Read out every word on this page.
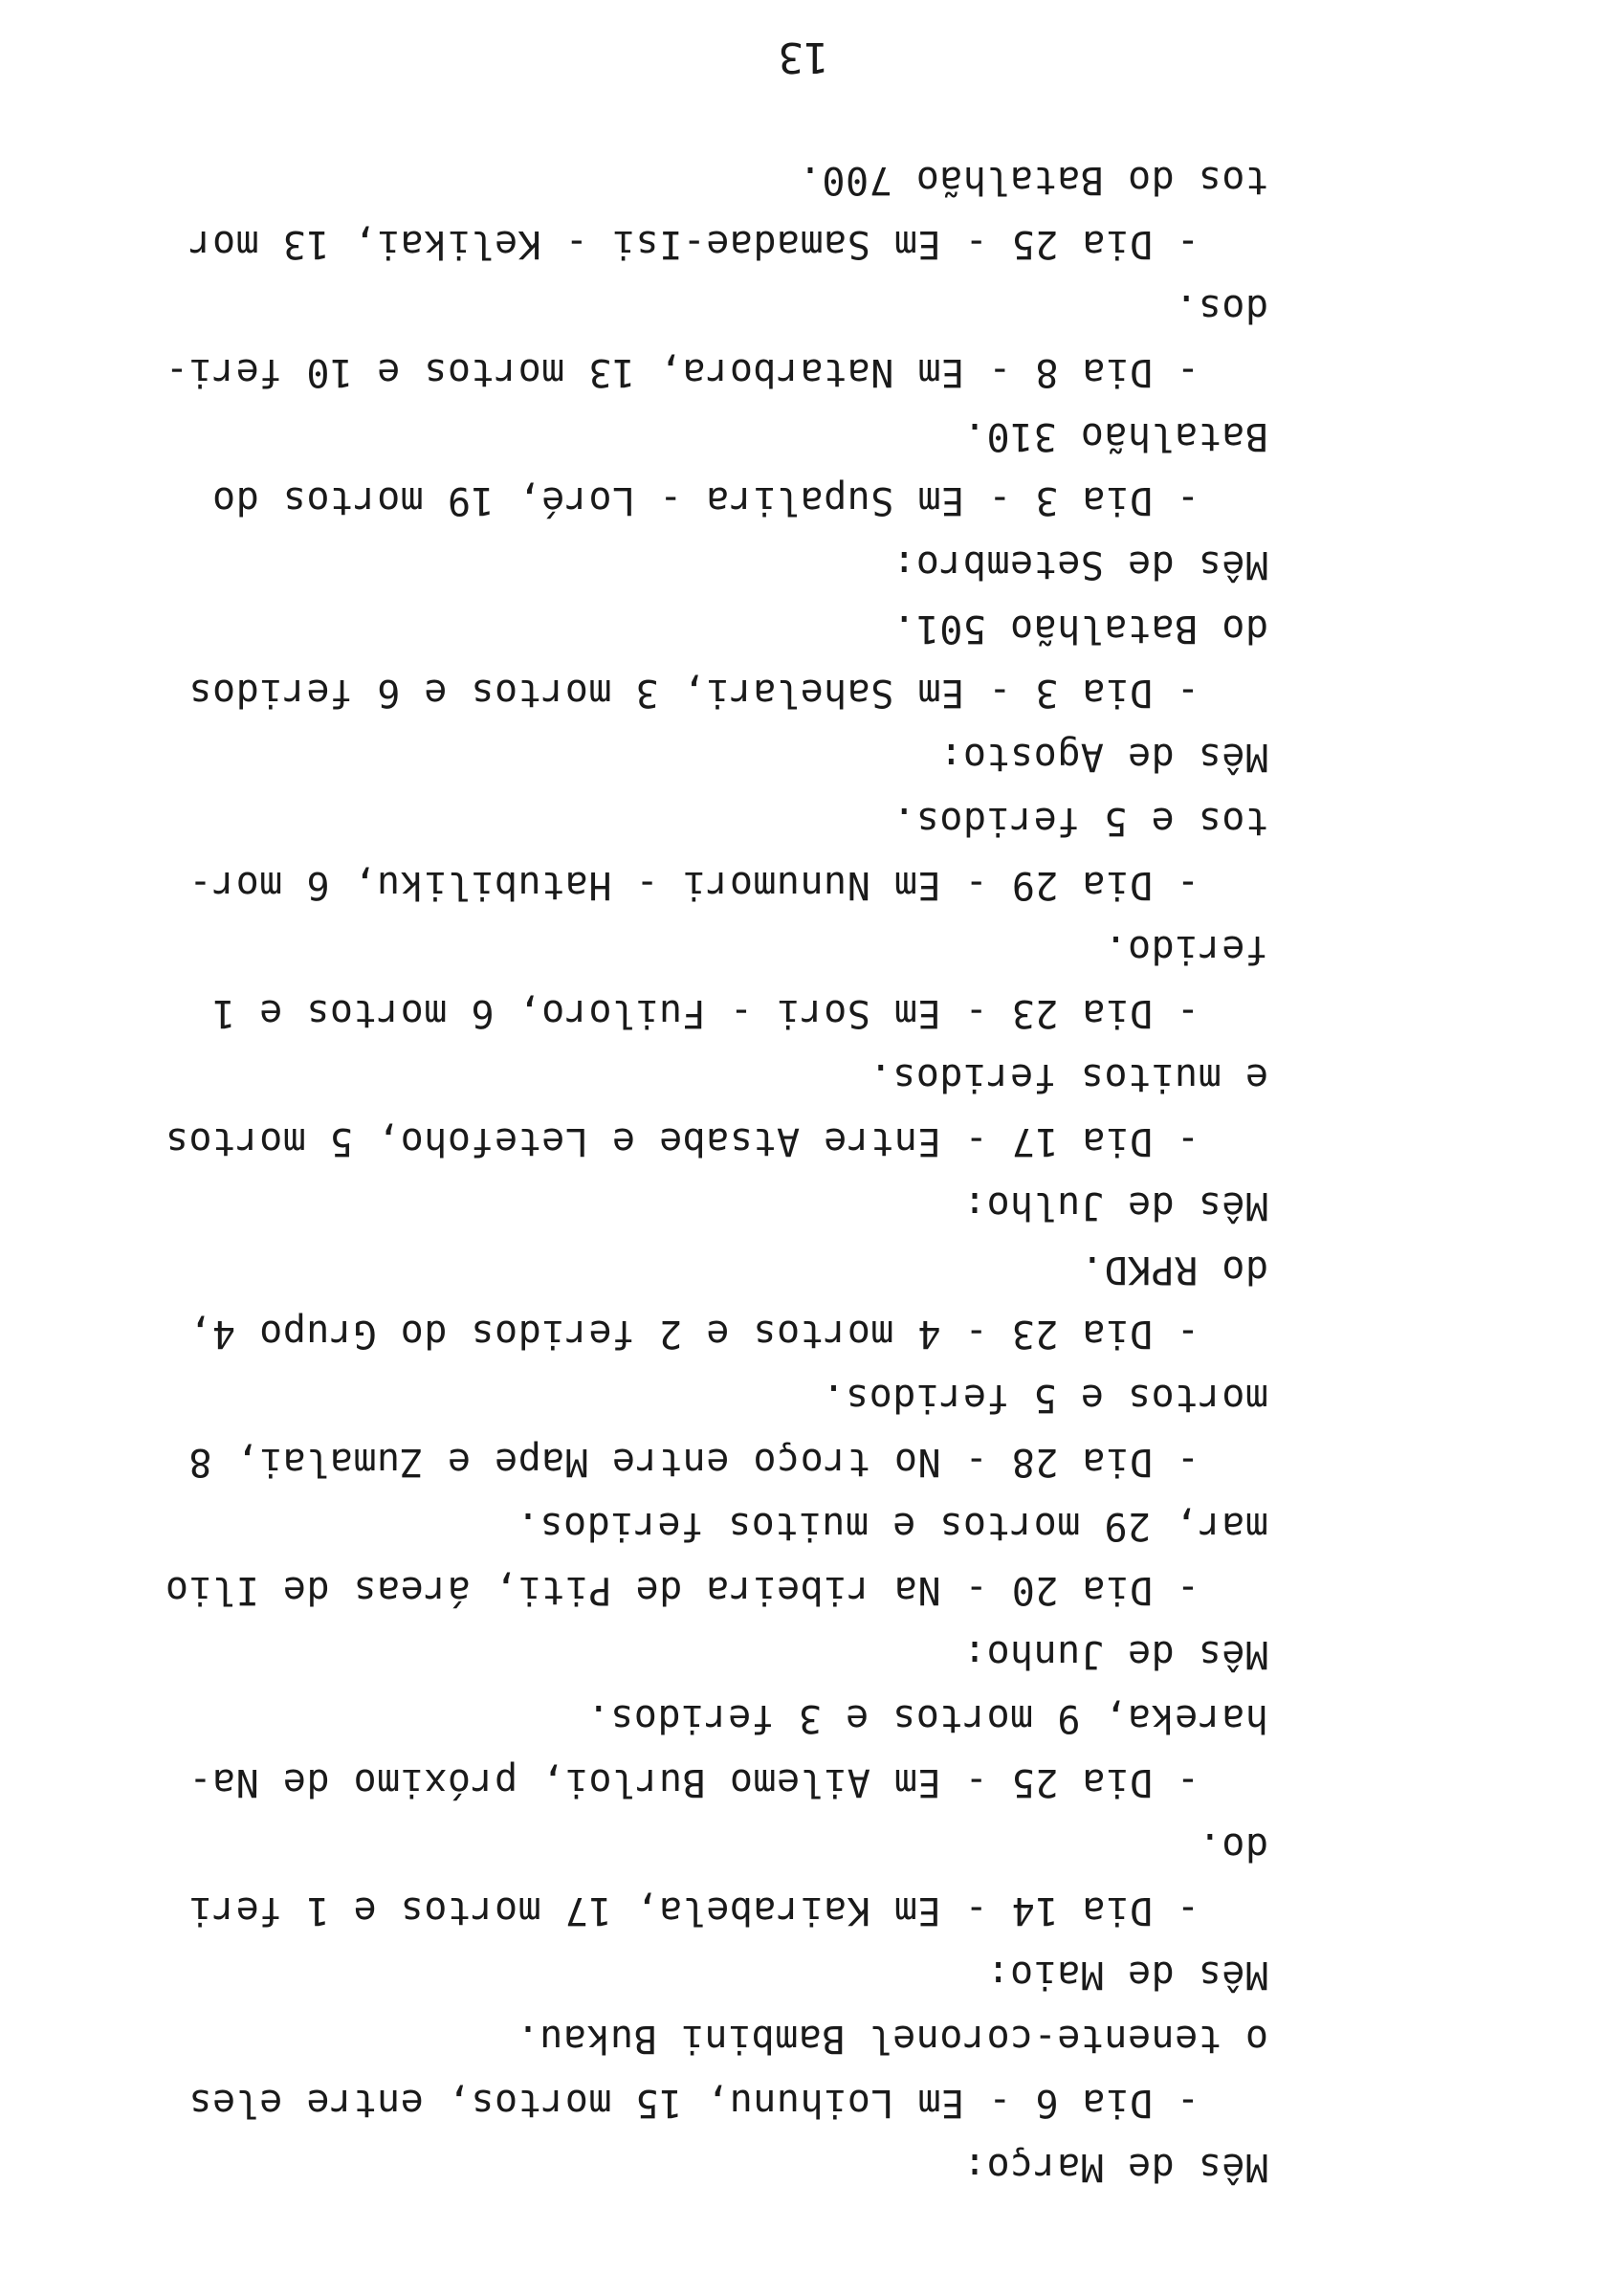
Mês de Março:

- Dia 6 - Em Loihunu, 15 mortos, entre eles

o tenente-coronel Bambini Bukau.

Mês de Maio:

- Dia 14 - Em Kairabela, 17 mortos e 1 feri

do.

- Dia 25 - Em Ailemo Burloi, próximo de Na-

hareka, 9 mortos e 3 feridos.

Mês de Junho:

- Dia 20 - Na ribeira de Piti, áreas de Ilio

mar, 29 mortos e muitos feridos.

- Dia 28 - No troço entre Mape e Zumalai, 8

mortos e 5 feridos.

- Dia 23 - 4 mortos e 2 feridos do Grupo 4,

do RPKD.

Mês de Julho:

- Dia 17 - Entre Atsabe e Letefoho, 5 mortos

e muitos feridos.

- Dia 23 - Em Sori - Fuiloro, 6 mortos e 1

ferido.

- Dia 29 - Em Nunumori - Hatubiliku, 6 mor-

tos e 5 feridos.

Mês de Agosto:

- Dia 3 - Em Sahelari, 3 mortos e 6 feridos

do Batalhão 501.

Mês de Setembro:

- Dia 3 - Em Supalira - Loré, 19 mortos do

Batalhão 310.

- Dia 8 - Em Natarbora, 13 mortos e 10 feri-

dos.

- Dia 25 - Em Samadae-Isi - Kelikai, 13 mor

tos do Batalhão 700.

13
